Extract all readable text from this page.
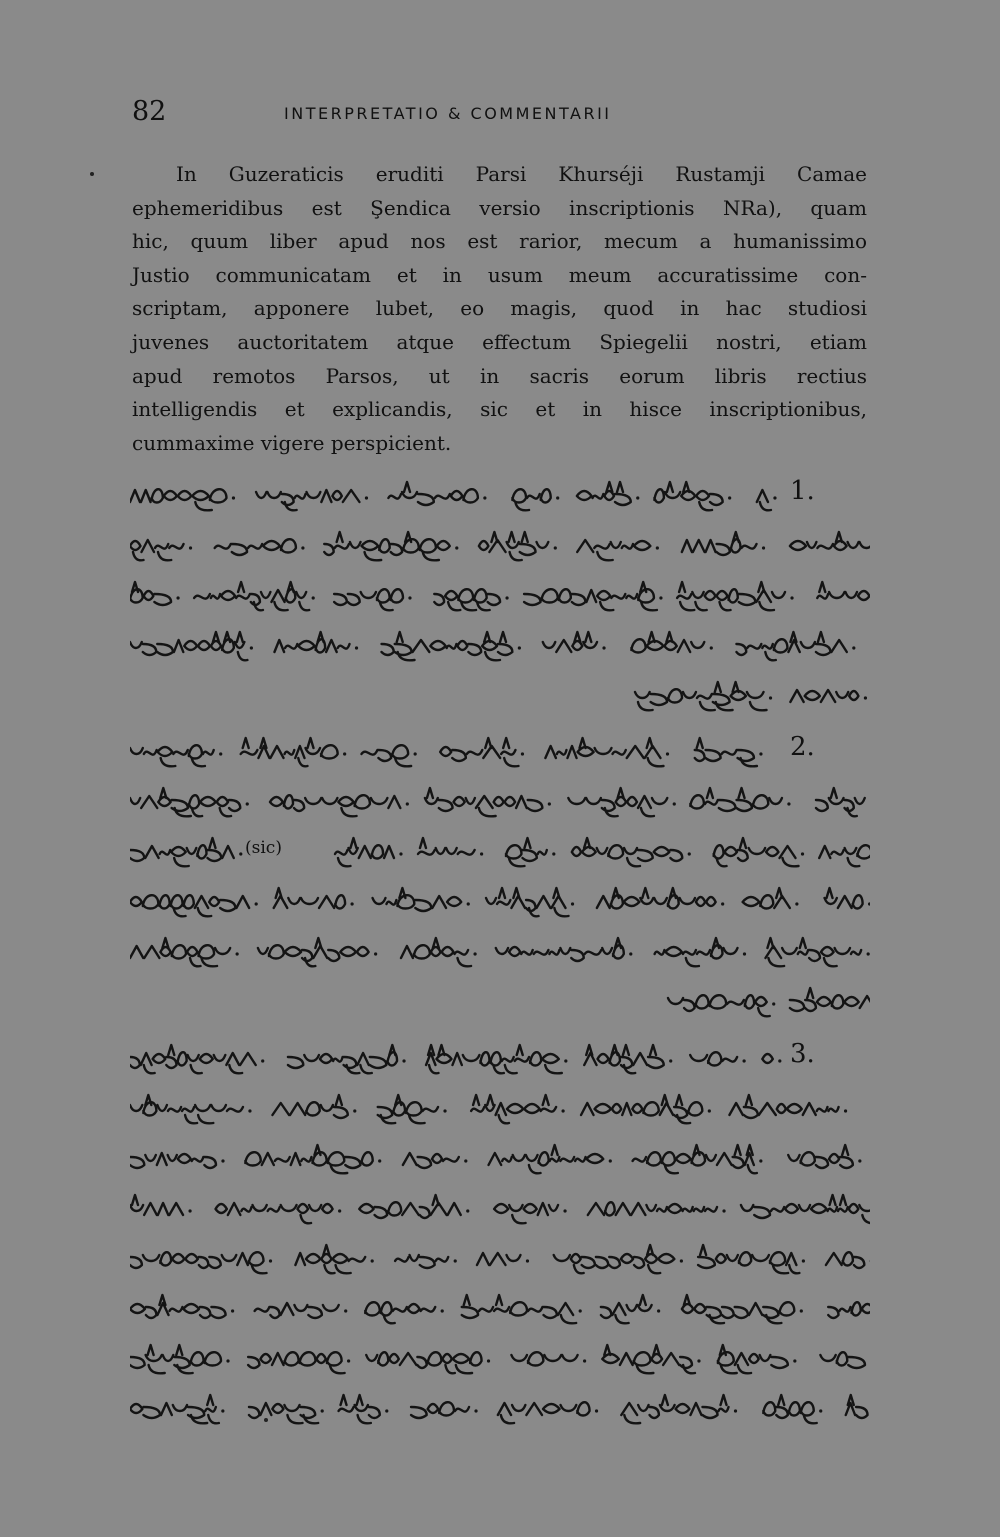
82	INTERPRETATIO & COMMENTARII
In Guzeraticis eruditi Parsi Khurséji Rustamji Camae
ephemeridibus est Şendica versio inscriptionis NRa), quam
hic, quum liber apud nos est rarior, mecum a humanissimo
Justio communicatam et in usum meum accuratissime con-
scriptam, apponere lubet, eo magis, quod in hac studiosi
juvenes auctoritatem atque effectum Spiegelii nostri, etiam
apud remotos Parsos, ut in sacris eorum libris rectius
intelligendis et explicandis, sic et in hisce inscriptionibus,
cummaxime vigere perspicient.
1.
2.
(sic)
3.
